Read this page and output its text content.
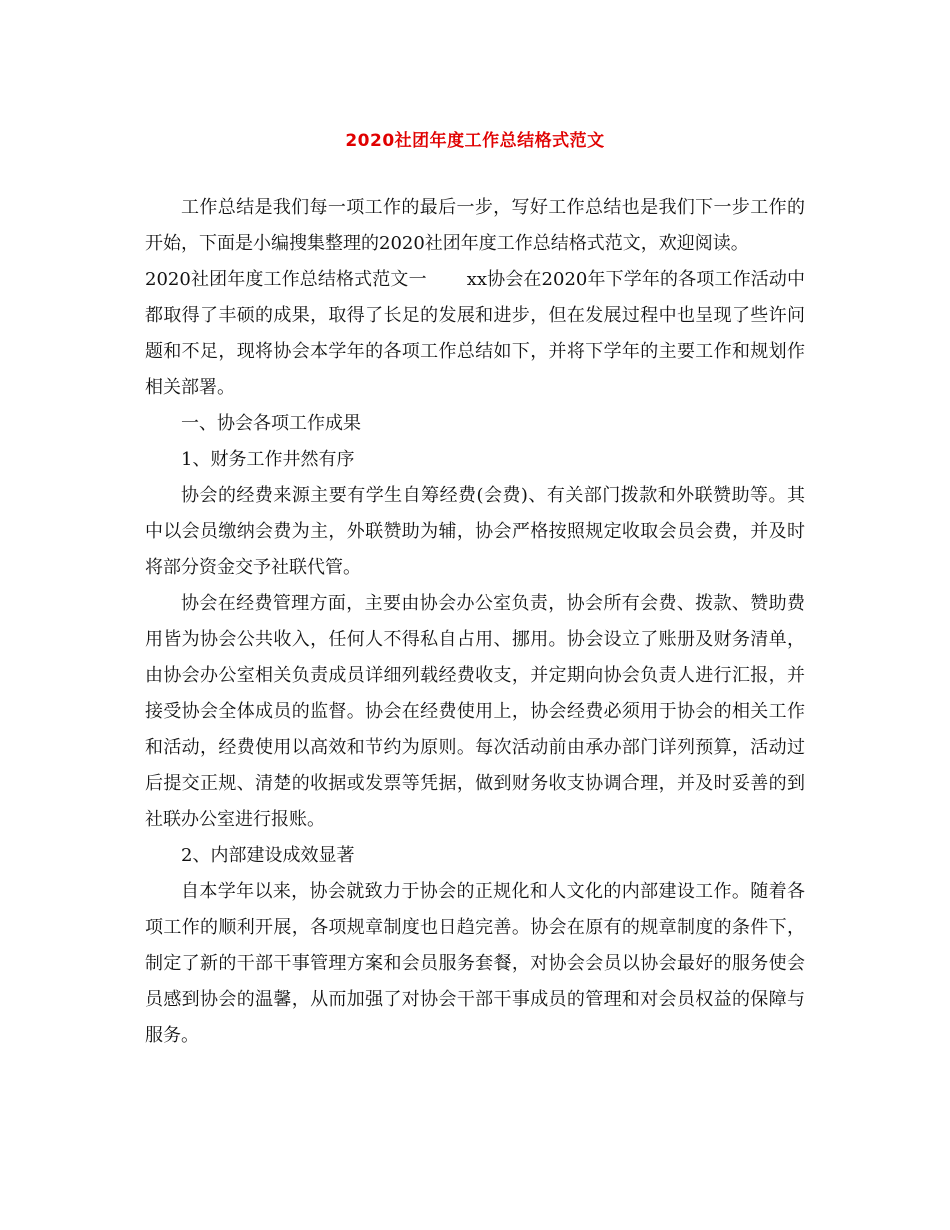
2020社团年度工作总结格式范文

工作总结是我们每一项工作的最后一步，写好工作总结也是我们下一步工作的开始，下面是小编搜集整理的2020社团年度工作总结格式范文，欢迎阅读。

2020社团年度工作总结格式范文一 xx协会在2020年下学年的各项工作活动中都取得了丰硕的成果，取得了长足的发展和进步，但在发展过程中也呈现了些许问题和不足，现将协会本学年的各项工作总结如下，并将下学年的主要工作和规划作相关部署。

一、协会各项工作成果

1、财务工作井然有序

协会的经费来源主要有学生自筹经费(会费)、有关部门拨款和外联赞助等。其中以会员缴纳会费为主，外联赞助为辅，协会严格按照规定收取会员会费，并及时将部分资金交予社联代管。

协会在经费管理方面，主要由协会办公室负责，协会所有会费、拨款、赞助费用皆为协会公共收入，任何人不得私自占用、挪用。协会设立了账册及财务清单，由协会办公室相关负责成员详细列载经费收支，并定期向协会负责人进行汇报，并接受协会全体成员的监督。协会在经费使用上，协会经费必须用于协会的相关工作和活动，经费使用以高效和节约为原则。每次活动前由承办部门详列预算，活动过后提交正规、清楚的收据或发票等凭据，做到财务收支协调合理，并及时妥善的到社联办公室进行报账。

2、内部建设成效显著

自本学年以来，协会就致力于协会的正规化和人文化的内部建设工作。随着各项工作的顺利开展，各项规章制度也日趋完善。协会在原有的规章制度的条件下，制定了新的干部干事管理方案和会员服务套餐，对协会会员以协会最好的服务使会员感到协会的温馨，从而加强了对协会干部干事成员的管理和对会员权益的保障与服务。
